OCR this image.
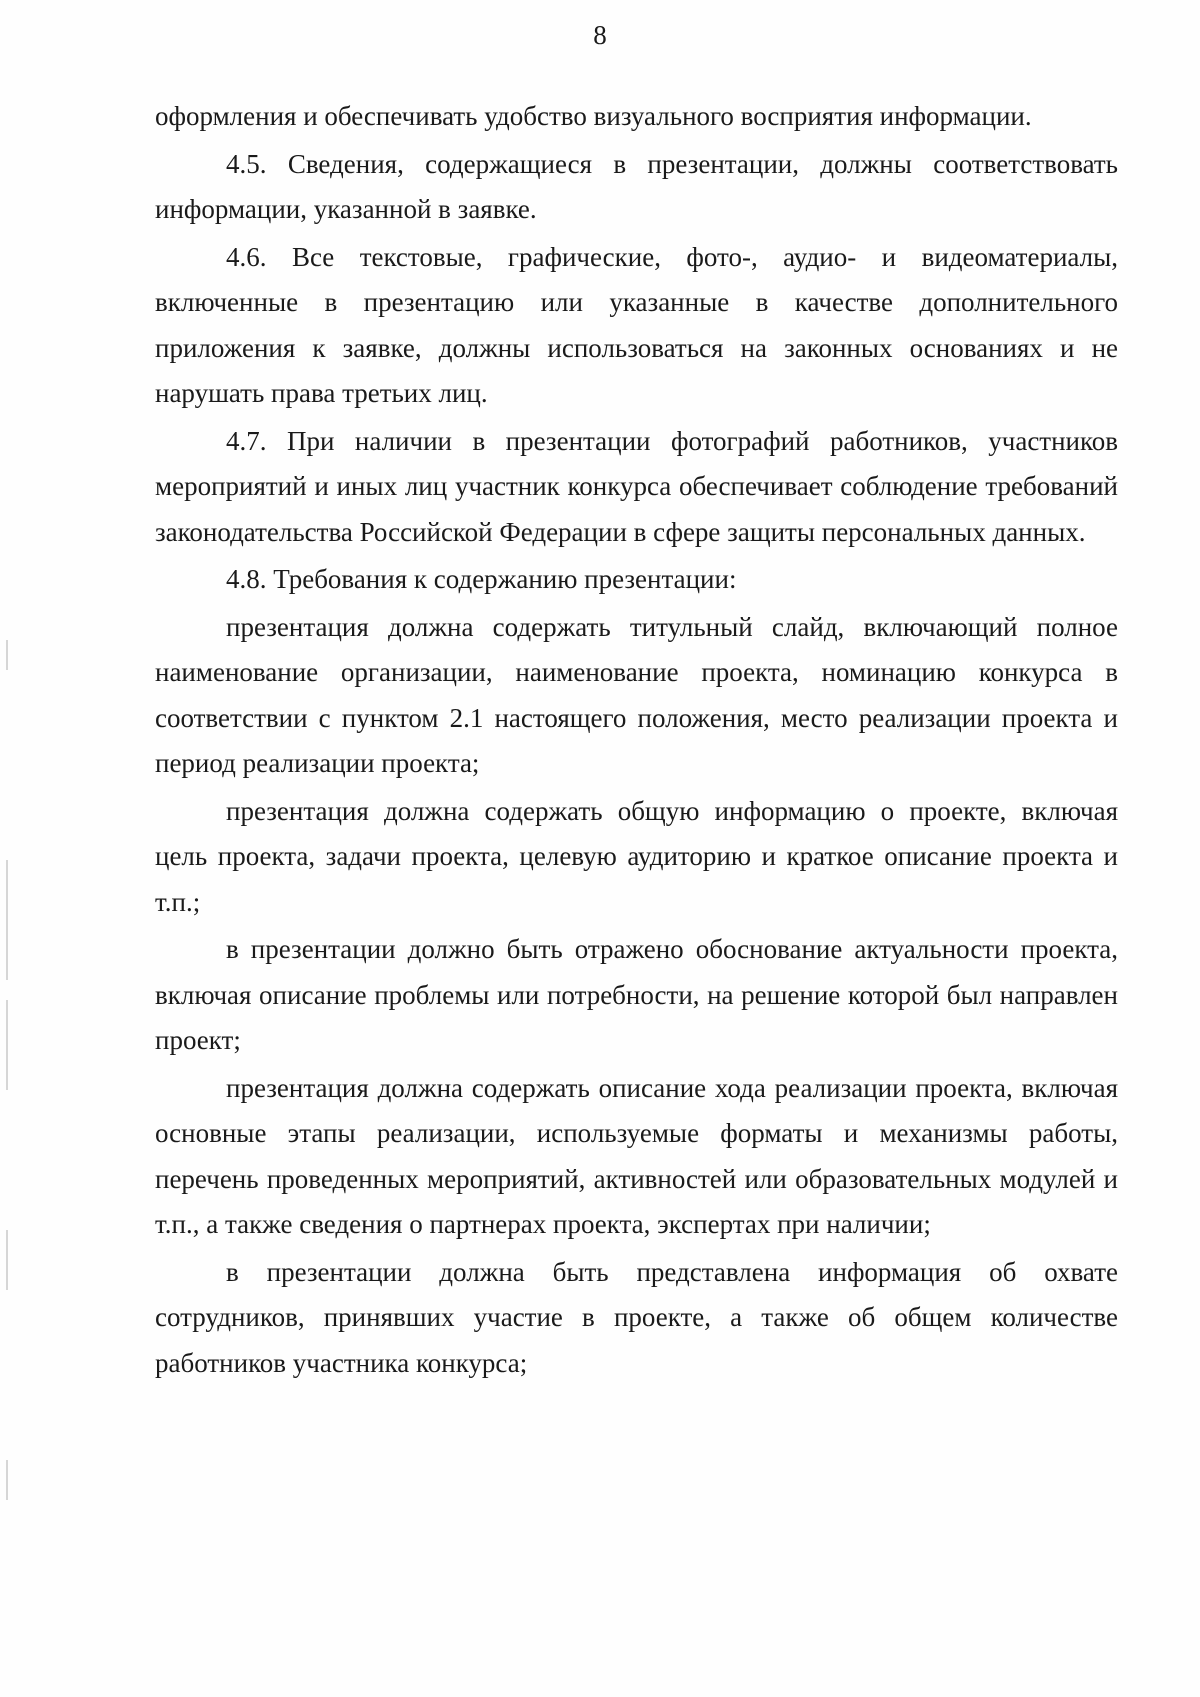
8

оформления и обеспечивать удобство визуального восприятия информации.

4.5. Сведения, содержащиеся в презентации, должны соответствовать информации, указанной в заявке.

4.6. Все текстовые, графические, фото-, аудио- и видеоматериалы, включенные в презентацию или указанные в качестве дополнительного приложения к заявке, должны использоваться на законных основаниях и не нарушать права третьих лиц.

4.7. При наличии в презентации фотографий работников, участников мероприятий и иных лиц участник конкурса обеспечивает соблюдение требований законодательства Российской Федерации в сфере защиты персональных данных.

4.8. Требования к содержанию презентации:

презентация должна содержать титульный слайд, включающий полное наименование организации, наименование проекта, номинацию конкурса в соответствии с пунктом 2.1 настоящего положения, место реализации проекта и период реализации проекта;

презентация должна содержать общую информацию о проекте, включая цель проекта, задачи проекта, целевую аудиторию и краткое описание проекта и т.п.;

в презентации должно быть отражено обоснование актуальности проекта, включая описание проблемы или потребности, на решение которой был направлен проект;

презентация должна содержать описание хода реализации проекта, включая основные этапы реализации, используемые форматы и механизмы работы, перечень проведенных мероприятий, активностей или образовательных модулей и т.п., а также сведения о партнерах проекта, экспертах при наличии;

в презентации должна быть представлена информация об охвате сотрудников, принявших участие в проекте, а также об общем количестве работников участника конкурса;
